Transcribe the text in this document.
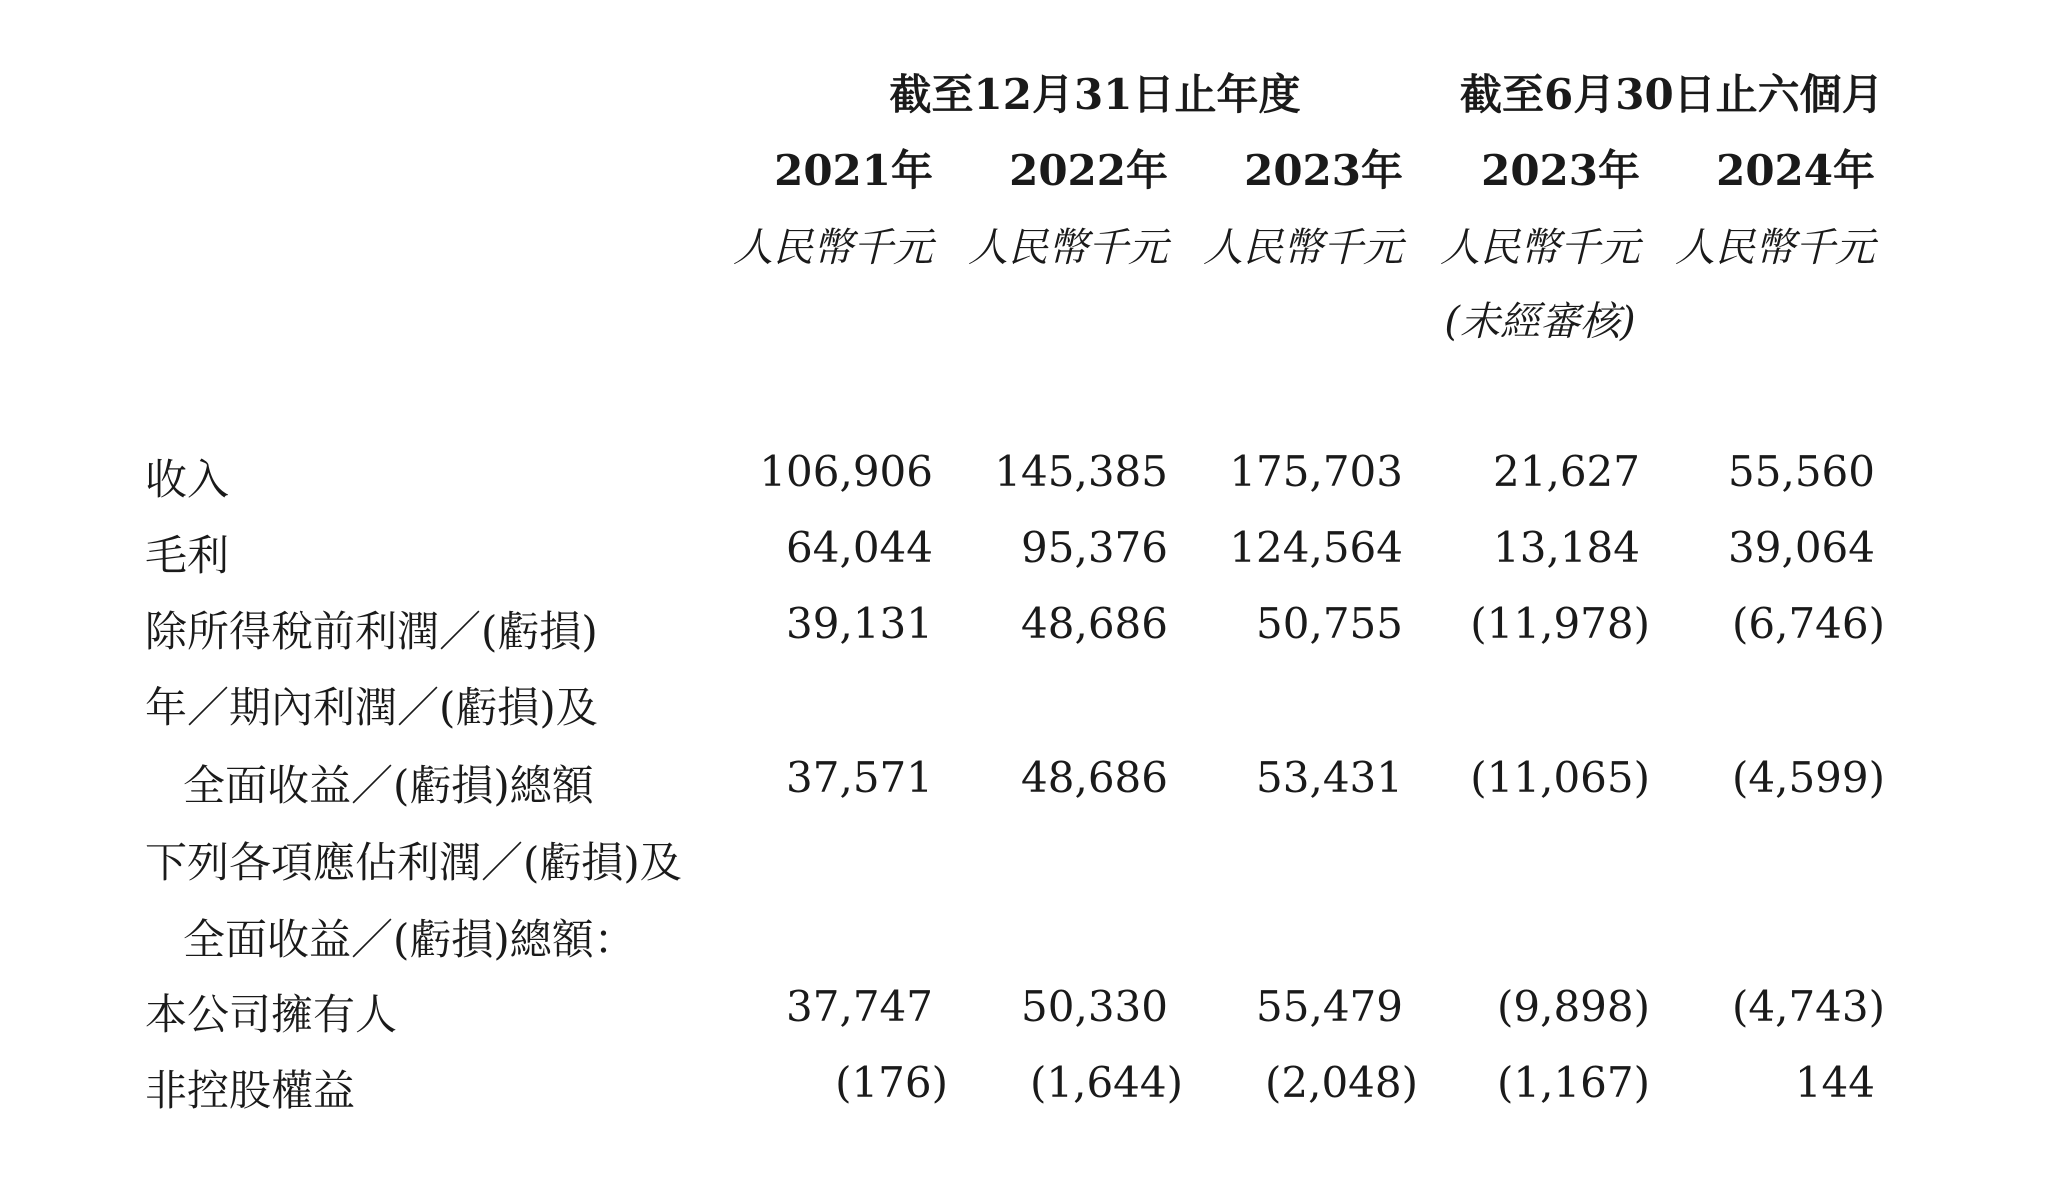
截至12月31日止年度	截至6月30日止六個月
2021年	2022年	2023年	2023年	2024年
人民幣千元 人民幣千元 人民幣千元 人民幣千元 人民幣千元
(未經審核)
收入	106,906	145,385	175,703	21,627	55,560
毛利	64,044	95,376	124,564	13,184	39,064
除所得稅前利潤／(虧損)	39,131	48,686	50,755	(11,978)	(6,746)
年／期內利潤／(虧損)及
全面收益／(虧損)總額	37,571	48,686	53,431	(11,065)	(4,599)
下列各項應佔利潤／(虧損)及
全面收益／(虧損)總額：
本公司擁有人	37,747	50,330	55,479	(9,898)	(4,743)
非控股權益	(176)	(1,644)	(2,048)	(1,167)	144
